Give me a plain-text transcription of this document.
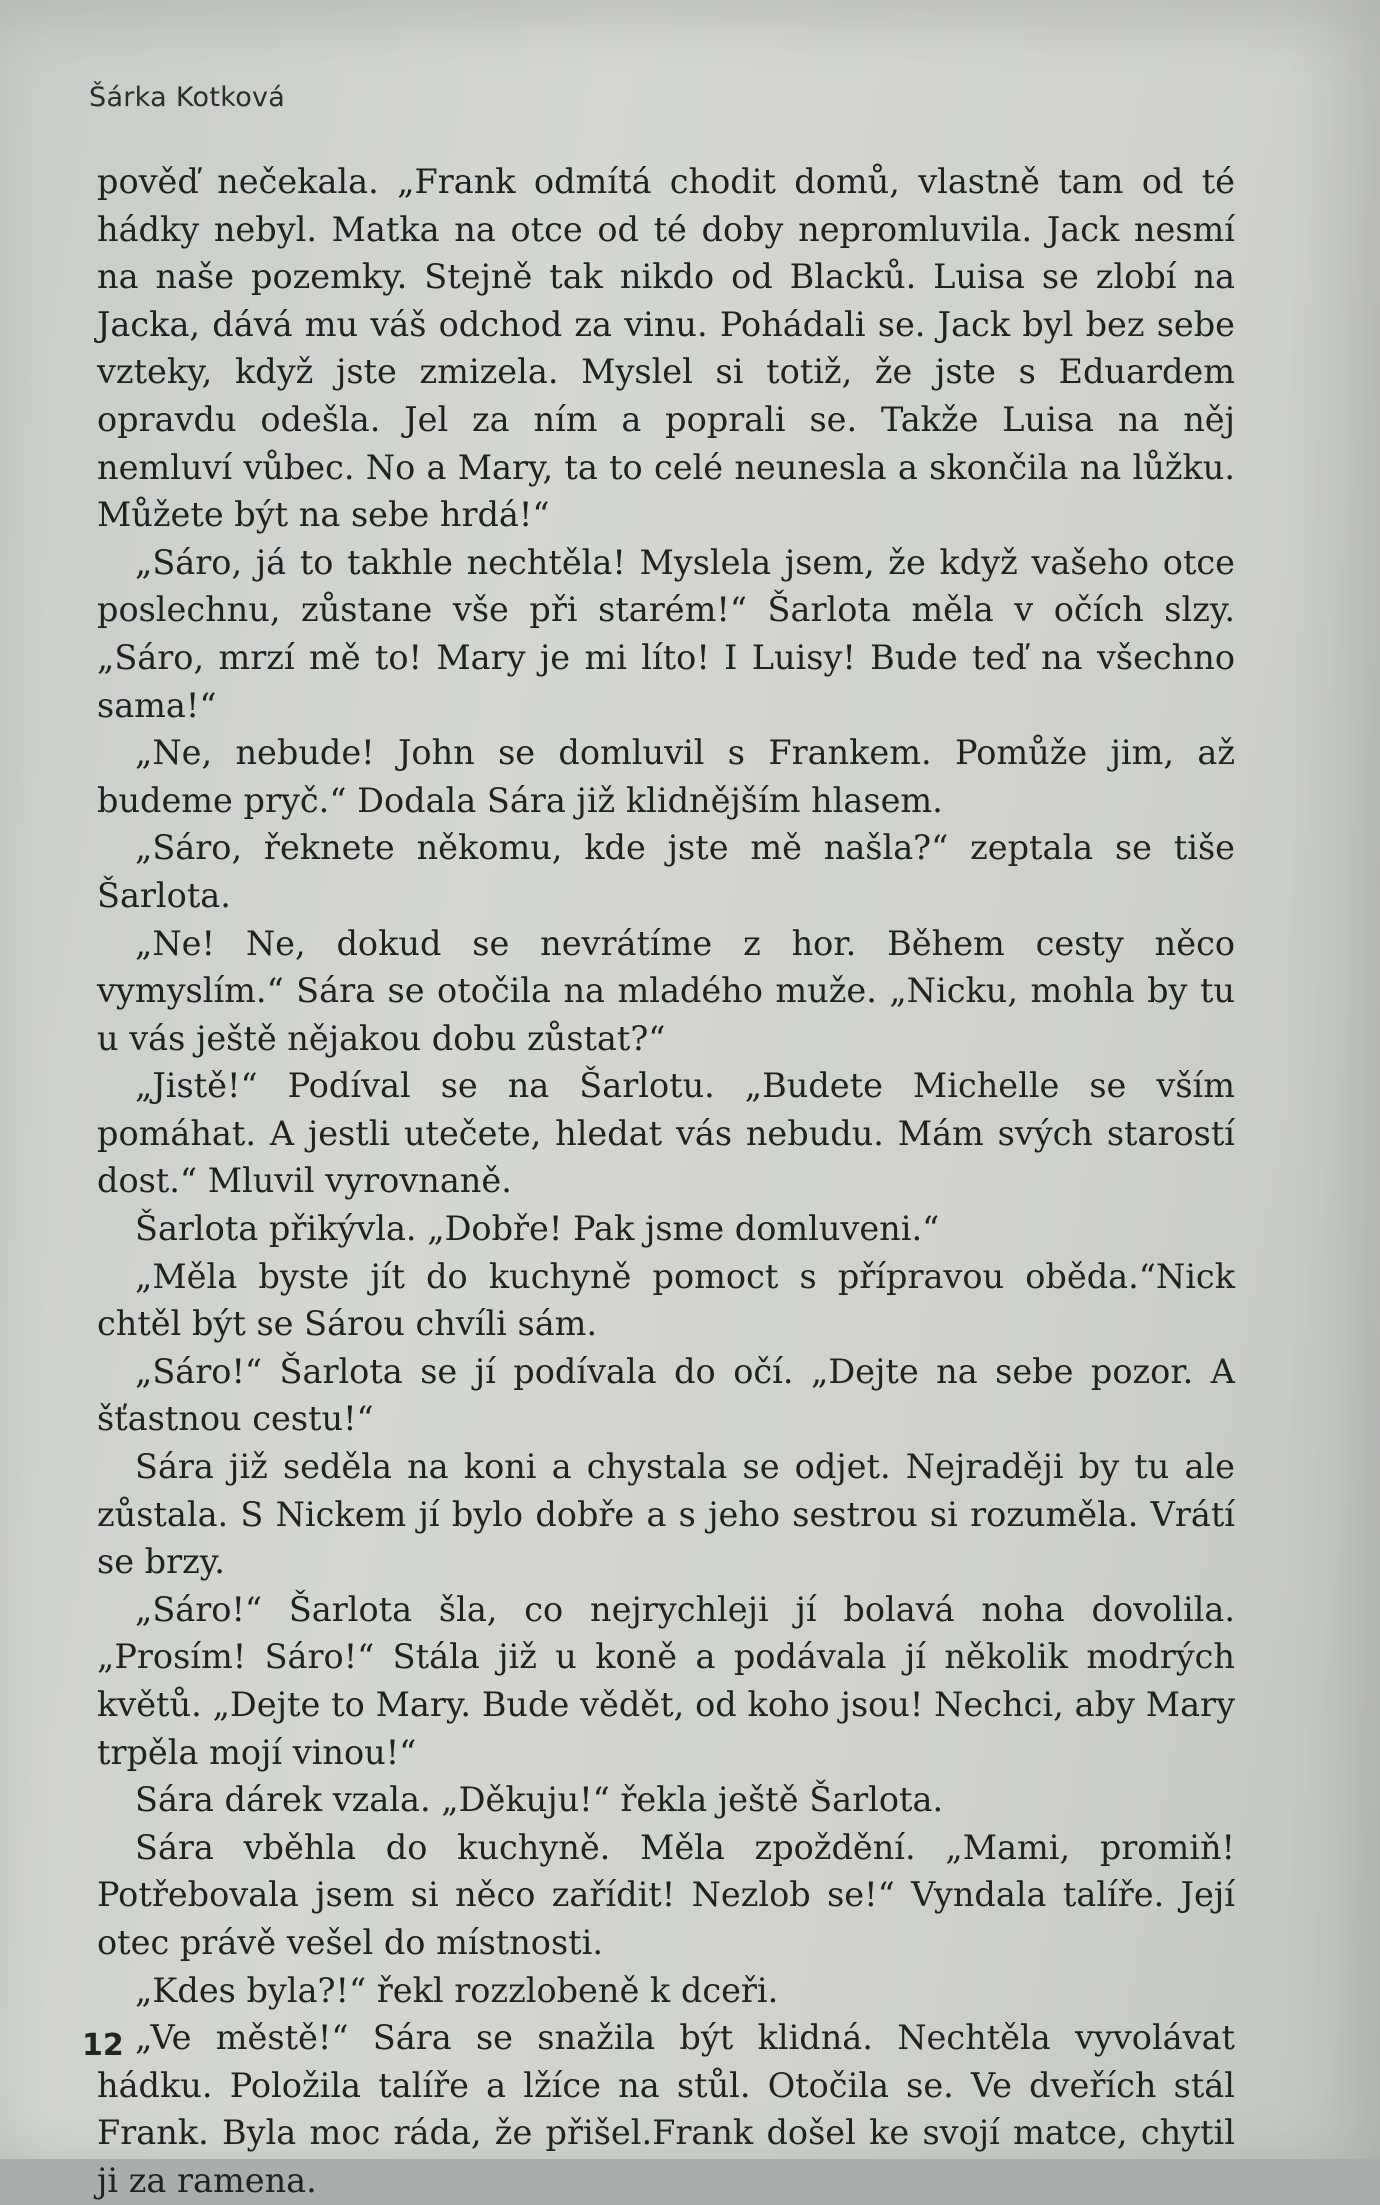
Šárka Kotková

pověď nečekala. „Frank odmítá chodit domů, vlastně tam od té hádky nebyl. Matka na otce od té doby nepromluvila. Jack nesmí na naše pozemky. Stejně tak nikdo od Blacků. Luisa se zlobí na Jacka, dává mu váš odchod za vinu. Pohádali se. Jack byl bez sebe vzteky, když jste zmizela. Myslel si totiž, že jste s Eduardem opravdu odešla. Jel za ním a poprali se. Takže Luisa na něj nemluví vůbec. No a Mary, ta to celé neunesla a skončila na lůžku. Můžete být na sebe hrdá!“

„Sáro, já to takhle nechtěla! Myslela jsem, že když vašeho otce poslechnu, zůstane vše při starém!“ Šarlota měla v očích slzy. „Sáro, mrzí mě to! Mary je mi líto! I Luisy! Bude teď na všechno sama!“

„Ne, nebude! John se domluvil s Frankem. Pomůže jim, až budeme pryč.“ Dodala Sára již klidnějším hlasem.

„Sáro, řeknete někomu, kde jste mě našla?“ zeptala se tiše Šarlota.

„Ne! Ne, dokud se nevrátíme z hor. Během cesty něco vymyslím.“ Sára se otočila na mladého muže. „Nicku, mohla by tu u vás ještě nějakou dobu zůstat?“

„Jistě!“ Podíval se na Šarlotu. „Budete Michelle se vším pomáhat. A jestli utečete, hledat vás nebudu. Mám svých starostí dost.“ Mluvil vyrovnaně.

Šarlota přikývla. „Dobře! Pak jsme domluveni.“

„Měla byste jít do kuchyně pomoct s přípravou oběda.“Nick chtěl být se Sárou chvíli sám.

„Sáro!“ Šarlota se jí podívala do očí. „Dejte na sebe pozor. A šťastnou cestu!“

Sára již seděla na koni a chystala se odjet. Nejraději by tu ale zůstala. S Nickem jí bylo dobře a s jeho sestrou si rozuměla. Vrátí se brzy.

„Sáro!“ Šarlota šla, co nejrychleji jí bolavá noha dovolila. „Prosím! Sáro!“ Stála již u koně a podávala jí několik modrých květů. „Dejte to Mary. Bude vědět, od koho jsou! Nechci, aby Mary trpěla mojí vinou!“

Sára dárek vzala. „Děkuju!“ řekla ještě Šarlota.

Sára vběhla do kuchyně. Měla zpoždění. „Mami, promiň! Potřebovala jsem si něco zařídit! Nezlob se!“ Vyndala talíře. Její otec právě vešel do místnosti.

„Kdes byla?!“ řekl rozzlobeně k dceři.

„Ve městě!“ Sára se snažila být klidná. Nechtěla vyvolávat hádku. Položila talíře a lžíce na stůl. Otočila se. Ve dveřích stál Frank. Byla moc ráda, že přišel.Frank došel ke svojí matce, chytil ji za ramena.

12
